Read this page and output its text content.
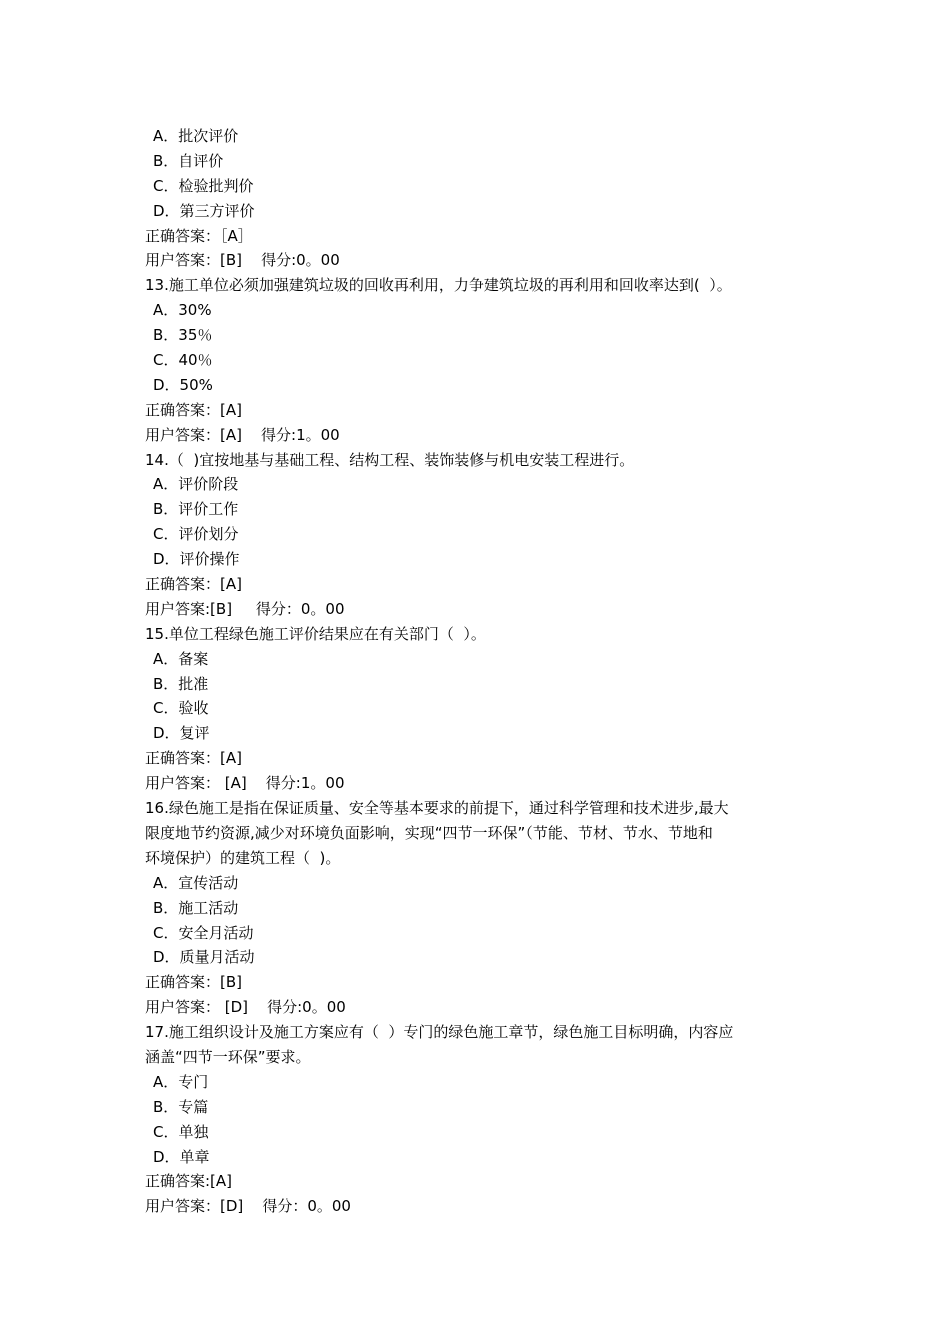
A．批次评价
B．自评价
C．检验批判价
D．第三方评价
正确答案：［A］
用户答案：[B]    得分:0。00
13.施工单位必须加强建筑垃圾的回收再利用，力争建筑垃圾的再利用和回收率达到(  ）。
A．30%
B．35％
C．40％
D．50%
正确答案：[A]
用户答案：[A]    得分:1。00
14.（  )宜按地基与基础工程、结构工程、装饰装修与机电安装工程进行。
A．评价阶段
B．评价工作
C．评价划分
D．评价操作
正确答案：[A]
用户答案:[B]     得分：0。00
15.单位工程绿色施工评价结果应在有关部门（  ）。
A．备案
B．批准
C．验收
D．复评
正确答案：[A]
用户答案： [A]    得分:1。00
16.绿色施工是指在保证质量、安全等基本要求的前提下，通过科学管理和技术进步,最大
限度地节约资源,减少对环境负面影响，实现“四节一环保”（节能、节材、节水、节地和
环境保护）的建筑工程（  )。
A．宣传活动
B．施工活动
C．安全月活动
D．质量月活动
正确答案：[B]
用户答案： [D]    得分:0。00
17.施工组织设计及施工方案应有（  ）专门的绿色施工章节，绿色施工目标明确，内容应
涵盖“四节一环保”要求。
A．专门
B．专篇
C．单独
D．单章
正确答案:[A]
用户答案：[D]    得分：0。00
